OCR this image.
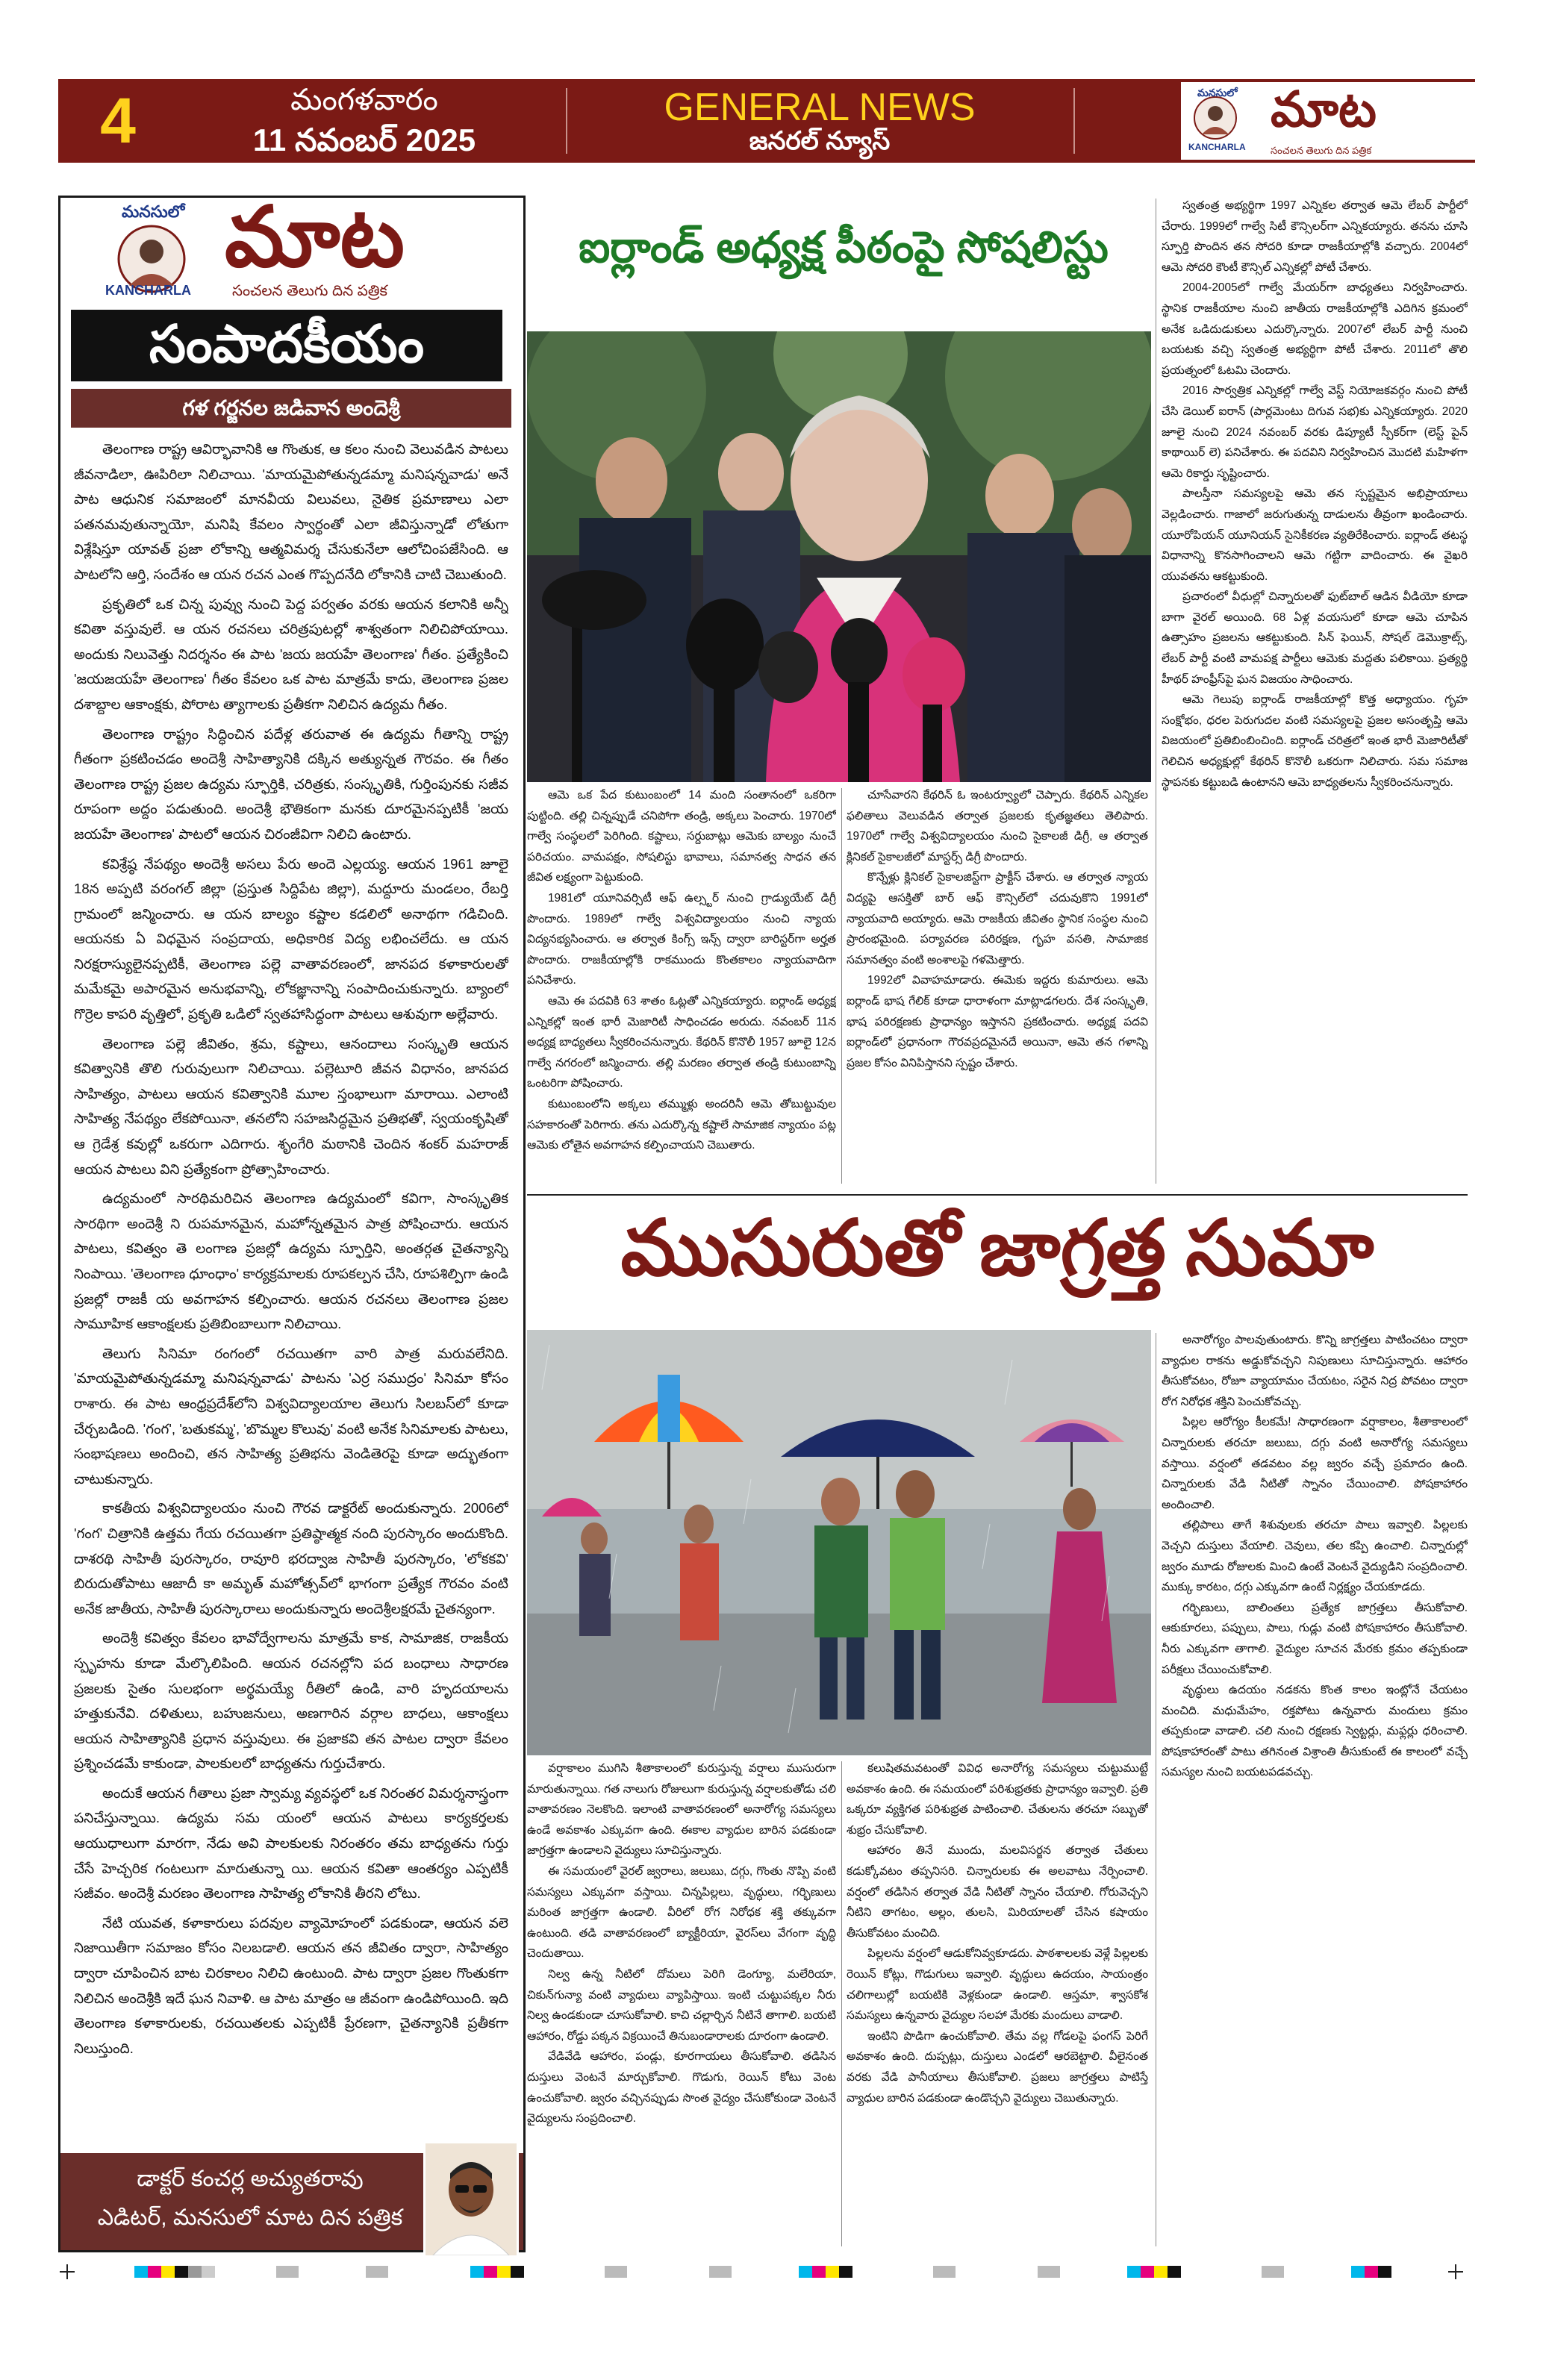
4	మంగళవారం
11 నవంబర్ 2025
GENERAL NEWS
జనరల్ న్యూస్
మనసులో మాట
KANCHARLA	సంచలన తెలుగు దిన పత్రిక
మనసులో మాట
KANCHARLA	సంచలన తెలుగు దిన పత్రిక
సంపాదకీయం
గళ గర్జనల జడివాన అందెశ్రీ

తెలంగాణ రాష్ట్ర ఆవిర్భావానికి ఆ గొంతుక, ఆ కలం నుంచి వెలువడిన పాటలు జీవనాడిలా, ఊపిరిలా నిలిచాయి. 'మాయమైపోతున్నడమ్మా మనిషన్నవాడు' అనే పాట ఆధునిక సమాజంలో మానవీయ విలువలు, నైతిక ప్రమాణాలు ఎలా పతనమవుతున్నాయో, మనిషి కేవలం స్వార్థంతో ఎలా జీవిస్తున్నాడో లోతుగా విశ్లేషిస్తూ యావత్ ప్రజా లోకాన్ని ఆత్మవిమర్శ చేసుకునేలా ఆలోచింపజేసింది. ఆ పాటలోని ఆర్తి, సందేశం ఆ యన రచన ఎంత గొప్పదనేది లోకానికి చాటి చెబుతుంది.

ప్రకృతిలో ఒక చిన్న పువ్వు నుంచి పెద్ద పర్వతం వరకు ఆయన కలానికి అన్నీ కవితా వస్తువులే. ఆ యన రచనలు చరిత్రపుటల్లో శాశ్వతంగా నిలిచిపోయాయి. అందుకు నిలువెత్తు నిదర్శనం ఈ పాట 'జయ జయహే తెలంగాణ' గీతం. ప్రత్యేకించి 'జయజయహే తెలంగాణ' గీతం కేవలం ఒక పాట మాత్రమే కాదు, తెలంగాణ ప్రజల దశాబ్దాల ఆకాంక్షకు, పోరాట త్యాగాలకు ప్రతీకగా నిలిచిన ఉద్యమ గీతం.

తెలంగాణ రాష్ట్రం సిద్ధించిన పదేళ్ల తరువాత ఈ ఉద్యమ గీతాన్ని రాష్ట్ర గీతంగా ప్రకటించడం అందెశ్రీ సాహిత్యానికి దక్కిన అత్యున్నత గౌరవం. ఈ గీతం తెలంగాణ రాష్ట్ర ప్రజల ఉద్యమ స్ఫూర్తికి, చరిత్రకు, సంస్కృతికి, గుర్తింపునకు సజీవ రూపంగా అద్దం పడుతుంది. అందెశ్రీ భౌతికంగా మనకు దూరమైనప్పటికీ 'జయ జయహే తెలంగాణ' పాటలో ఆయన చిరంజీవిగా నిలిచి ఉంటారు.

కవిశ్రేష్ఠ నేపథ్యం అందెశ్రీ అసలు పేరు అందె ఎల్లయ్య. ఆయన 1961 జూలై 18న అప్పటి వరంగల్ జిల్లా (ప్రస్తుత సిద్దిపేట జిల్లా), మద్దూరు మండలం, రేబర్తి గ్రామంలో జన్మించారు. ఆ యన బాల్యం కష్టాల కడలిలో అనాథగా గడిచింది. ఆయనకు ఏ విధమైన సంప్రదాయ, అధికారిక విద్య లభించలేదు. ఆ యన నిరక్షరాస్యులైనప్పటికీ, తెలంగాణ పల్లె వాతావరణంలో, జానపద కళాకారులతో మమేకమై అపారమైన అనుభవాన్ని, లోకజ్ఞానాన్ని సంపాదించుకున్నారు. బ్యాంలో గొర్రెల కాపరి వృత్తిలో, ప్రకృతి ఒడిలో స్వతహాసిద్ధంగా పాటలు ఆశువుగా అల్లేవారు.

తెలంగాణ పల్లె జీవితం, శ్రమ, కష్టాలు, ఆనందాలు సంస్కృతి ఆయన కవిత్వానికి తొలి గురువులుగా నిలిచాయి. పల్లెటూరి జీవన విధానం, జానపద సాహిత్యం, పాటలు ఆయన కవిత్వానికి మూల స్తంభాలుగా మారాయి. ఎలాంటి సాహిత్య నేపథ్యం లేకపోయినా, తనలోని సహజసిద్ధమైన ప్రతిభతో, స్వయంకృషితో ఆ గ్రెడేశ్ర కవుల్లో ఒకరుగా ఎదిగారు. శృంగేరి మఠానికి చెందిన శంకర్ మహరాజ్ ఆయన పాటలు విని ప్రత్యేకంగా ప్రోత్సాహించారు.

ఉద్యమంలో సారథిమరిచిన తెలంగాణ ఉద్యమంలో కవిగా, సాంస్కృతిక సారథిగా అందెశ్రీ ని రుపమానమైన, మహోన్నతమైన పాత్ర పోషించారు. ఆయన పాటలు, కవిత్వం తె లంగాణ ప్రజల్లో ఉద్యమ స్ఫూర్తిని, అంతర్గత చైతన్యాన్ని నింపాయి. 'తెలంగాణ ధూంధాం' కార్యక్రమాలకు రూపకల్పన చేసి, రూపశిల్పిగా ఉండి ప్రజల్లో రాజకీ య అవగాహన కల్పించారు. ఆయన రచనలు తెలంగాణ ప్రజల సామూహిక ఆకాంక్షలకు ప్రతిబింబాలుగా నిలిచాయి.

తెలుగు సినిమా రంగంలో రచయితగా వారి పాత్ర మరువలేనిది. 'మాయమైపోతున్నడమ్మా మనిషన్నవాడు' పాటను 'ఎర్ర సముద్రం' సినిమా కోసం రాశారు. ఈ పాట ఆంధ్రప్రదేశ్‌లోని విశ్వవిద్యాలయాల తెలుగు సిలబస్‌లో కూడా చేర్చబడింది. 'గంగ', 'బతుకమ్మ', 'బొమ్మల కొలువు' వంటి అనేక సినిమాలకు పాటలు, సంభాషణలు అందించి, తన సాహిత్య ప్రతిభను వెండితెరపై కూడా అద్భుతంగా చాటుకున్నారు.

కాకతీయ విశ్వవిద్యాలయం నుంచి గౌరవ డాక్టరేట్ అందుకున్నారు. 2006లో 'గంగ' చిత్రానికి ఉత్తమ గేయ రచయితగా ప్రతిష్ఠాత్మక నంది పురస్కారం అందుకొంది. దాశరథి సాహితీ పురస్కారం, రావూరి భరద్వాజ సాహితీ పురస్కారం, 'లోకకవి' బిరుదుతోపాటు ఆజాదీ కా అమృత్ మహోత్సవ్‌లో భాగంగా ప్రత్యేక గౌరవం వంటి అనేక జాతీయ, సాహితీ పురస్కారాలు అందుకున్నారు అందెశ్రీలక్షరమే చైతన్యంగా.

అందెశ్రీ కవిత్వం కేవలం భావోద్వేగాలను మాత్రమే కాక, సామాజిక, రాజకీయ స్పృహను కూడా మేల్కొలిపింది. ఆయన రచనల్లోని పద బంధాలు సాధారణ ప్రజలకు సైతం సులభంగా అర్థమయ్యే రీతిలో ఉండి, వారి హృదయాలను హత్తుకునేవి. దళితులు, బహుజనులు, అణగారిన వర్గాల బాధలు, ఆకాంక్షలు ఆయన సాహిత్యానికి ప్రధాన వస్తువులు. ఈ ప్రజాకవి తన పాటల ద్వారా కేవలం ప్రశ్నించడమే కాకుండా, పాలకులలో బాధ్యతను గుర్తుచేశారు.

అందుకే ఆయన గీతాలు ప్రజా స్వామ్య వ్యవస్థలో ఒక నిరంతర విమర్శనాస్త్రంగా పనిచేస్తున్నాయి. ఉద్యమ సమ యంలో ఆయన పాటలు కార్యకర్తలకు ఆయుధాలుగా మారగా, నేడు అవి పాలకులకు నిరంతరం తమ బాధ్యతను గుర్తు చేసే హెచ్చరిక గంటలుగా మారుతున్నా యి. ఆయన కవితా ఆంతర్యం ఎప్పటికీ సజీవం. అందెశ్రీ మరణం తెలంగాణ సాహిత్య లోకానికి తీరని లోటు.

నేటి యువత, కళాకారులు పదవుల వ్యామోహంలో పడకుండా, ఆయన వలె నిజాయితీగా సమాజం కోసం నిలబడాలి. ఆయన తన జీవితం ద్వారా, సాహిత్యం ద్వారా చూపించిన బాట చిరకాలం నిలిచి ఉంటుంది. పాట ద్వారా ప్రజల గొంతుకగా నిలిచిన అందెశ్రీకి ఇదే ఘన నివాళి. ఆ పాట మాత్రం ఆ జీవంగా ఉండిపోయింది. ఇది తెలంగాణ కళాకారులకు, రచయితలకు ఎప్పటికీ ప్రేరణగా, చైతన్యానికి ప్రతీకగా నిలుస్తుంది.

డాక్టర్ కంచర్ల అచ్యుతరావు
ఎడిటర్, మనసులో మాట దిన పత్రిక
ఐర్లాండ్ అధ్యక్ష పీఠంపై సోషలిస్టు

ఆమె ఒక పేద కుటుంబంలో 14 మంది సంతానంలో ఒకరిగా పుట్టింది. తల్లి చిన్నప్పుడే చనిపోగా తండ్రి, అక్కలు పెంచారు. 1970లో గాల్వే సంస్థలలో పెరిగింది. కష్టాలు, సర్దుబాట్లు ఆమెకు బాల్యం నుంచే పరిచయం. వామపక్షం, సోషలిస్టు భావాలు, సమానత్వ సాధన తన జీవిత లక్ష్యంగా పెట్టుకుంది.

1981లో యూనివర్సిటీ ఆఫ్ ఉల్స్టర్ నుంచి గ్రాడ్యుయేట్ డిగ్రీ పొందారు. 1989లో గాల్వే విశ్వవిద్యాలయం నుంచి న్యాయ విద్యనభ్యసించారు. ఆ తర్వాత కింగ్స్ ఇన్స్ ద్వారా బారిస్టర్‌గా అర్హత పొందారు. రాజకీయాల్లోకి రాకముందు కొంతకాలం న్యాయవాదిగా పనిచేశారు.

ఆమె ఈ పదవికి 63 శాతం ఓట్లతో ఎన్నికయ్యారు. ఐర్లాండ్ అధ్యక్ష ఎన్నికల్లో ఇంత భారీ మెజారిటీ సాధించడం అరుదు. నవంబర్ 11న అధ్యక్ష బాధ్యతలు స్వీకరించనున్నారు. కేథరిన్ కొనొలీ 1957 జూలై 12న గాల్వే నగరంలో జన్మించారు. తల్లి మరణం తర్వాత తండ్రి కుటుంబాన్ని ఒంటరిగా పోషించారు.

కుటుంబంలోని అక్కలు తమ్ముళ్లు అందరినీ ఆమె తోబుట్టువుల సహకారంతో పెరిగారు. తను ఎదుర్కొన్న కష్టాలే సామాజిక న్యాయం పట్ల ఆమెకు లోతైన అవగాహన కల్పించాయని చెబుతారు.

చూసేవారని కేథరిన్ ఓ ఇంటర్వ్యూలో చెప్పారు. కేథరిన్ ఎన్నికల ఫలితాలు వెలువడిన తర్వాత ప్రజలకు కృతజ్ఞతలు తెలిపారు. 1970లో గాల్వే విశ్వవిద్యాలయం నుంచి సైకాలజీ డిగ్రీ, ఆ తర్వాత క్లినికల్ సైకాలజీలో మాస్టర్స్ డిగ్రీ పొందారు.

కొన్నేళ్లు క్లినికల్ సైకాలజిస్ట్‌గా ప్రాక్టీస్ చేశారు. ఆ తర్వాత న్యాయ విద్యపై ఆసక్తితో బార్ ఆఫ్ కౌన్సిల్‌లో చదువుకొని 1991లో న్యాయవాది అయ్యారు. ఆమె రాజకీయ జీవితం స్థానిక సంస్థల నుంచి ప్రారంభమైంది. పర్యావరణ పరిరక్షణ, గృహ వసతి, సామాజిక సమానత్వం వంటి అంశాలపై గళమెత్తారు.

1992లో వివాహమాడారు. ఈమెకు ఇద్దరు కుమారులు. ఆమె ఐర్లాండ్ భాష గేలిక్ కూడా ధారాళంగా మాట్లాడగలరు. దేశ సంస్కృతి, భాష పరిరక్షణకు ప్రాధాన్యం ఇస్తానని ప్రకటించారు. అధ్యక్ష పదవి ఐర్లాండ్‌లో ప్రధానంగా గౌరవప్రదమైనదే అయినా, ఆమె తన గళాన్ని ప్రజల కోసం వినిపిస్తానని స్పష్టం చేశారు.

స్వతంత్ర అభ్యర్థిగా 1997 ఎన్నికల తర్వాత ఆమె లేబర్ పార్టీలో చేరారు. 1999లో గాల్వే సిటీ కౌన్సిలర్‌గా ఎన్నికయ్యారు. తనను చూసి స్ఫూర్తి పొందిన తన సోదరి కూడా రాజకీయాల్లోకి వచ్చారు. 2004లో ఆమె సోదరి కౌంటీ కౌన్సిల్ ఎన్నికల్లో పోటీ చేశారు.

2004-2005లో గాల్వే మేయర్‌గా బాధ్యతలు నిర్వహించారు. స్థానిక రాజకీయాల నుంచి జాతీయ రాజకీయాల్లోకి ఎదిగిన క్రమంలో అనేక ఒడిదుడుకులు ఎదుర్కొన్నారు. 2007లో లేబర్ పార్టీ నుంచి బయటకు వచ్చి స్వతంత్ర అభ్యర్థిగా పోటీ చేశారు. 2011లో తొలి ప్రయత్నంలో ఓటమి చెందారు.

2016 సార్వత్రిక ఎన్నికల్లో గాల్వే వెస్ట్ నియోజకవర్గం నుంచి పోటీ చేసి డెయిల్ ఐరాన్ (పార్లమెంటు దిగువ సభ)కు ఎన్నికయ్యారు. 2020 జూలై నుంచి 2024 నవంబర్ వరకు డిప్యూటీ స్పీకర్‌గా (లెస్ట్ పైన్ కాథాయిర్ లె) పనిచేశారు. ఈ పదవిని నిర్వహించిన మొదటి మహిళగా ఆమె రికార్డు సృష్టించారు.

పాలస్తీనా సమస్యలపై ఆమె తన స్పష్టమైన అభిప్రాయాలు వెల్లడించారు. గాజాలో జరుగుతున్న దాడులను తీవ్రంగా ఖండించారు. యూరోపియన్ యూనియన్ సైనికీకరణ వ్యతిరేకించారు. ఐర్లాండ్ తటస్థ విధానాన్ని కొనసాగించాలని ఆమె గట్టిగా వాదించారు. ఈ వైఖరి యువతను ఆకట్టుకుంది.

ప్రచారంలో వీధుల్లో చిన్నారులతో ఫుట్‌బాల్ ఆడిన వీడియో కూడా బాగా వైరల్ అయింది. 68 ఏళ్ల వయసులో కూడా ఆమె చూపిన ఉత్సాహం ప్రజలను ఆకట్టుకుంది. సిన్ ఫెయిన్, సోషల్ డెమొక్రాట్స్, లేబర్ పార్టీ వంటి వామపక్ష పార్టీలు ఆమెకు మద్దతు పలికాయి. ప్రత్యర్థి హీథర్ హంఫ్రీస్‌పై ఘన విజయం సాధించారు.

ఆమె గెలుపు ఐర్లాండ్ రాజకీయాల్లో కొత్త అధ్యాయం. గృహ సంక్షోభం, ధరల పెరుగుదల వంటి సమస్యలపై ప్రజల అసంతృప్తి ఆమె విజయంలో ప్రతిబింబించింది. ఐర్లాండ్ చరిత్రలో ఇంత భారీ మెజారిటీతో గెలిచిన అధ్యక్షుల్లో కేథరిన్ కొనొలీ ఒకరుగా నిలిచారు. సమ సమాజ స్థాపనకు కట్టుబడి ఉంటానని ఆమె బాధ్యతలను స్వీకరించనున్నారు.

ముసురుతో జాగ్రత్త సుమా

వర్షాకాలం ముగిసి శీతాకాలంలో కురుస్తున్న వర్షాలు ముసురుగా మారుతున్నాయి. గత నాలుగు రోజులుగా కురుస్తున్న వర్షాలకుతోడు చలి వాతావరణం నెలకొంది. ఇలాంటి వాతావరణంలో అనారోగ్య సమస్యలు ఉండే అవకాశం ఎక్కువగా ఉంది. ఈకాల వ్యాధుల బారిన పడకుండా జాగ్రత్తగా ఉండాలని వైద్యులు సూచిస్తున్నారు.

ఈ సమయంలో వైరల్ జ్వరాలు, జలుబు, దగ్గు, గొంతు నొప్పి వంటి సమస్యలు ఎక్కువగా వస్తాయి. చిన్నపిల్లలు, వృద్ధులు, గర్భిణులు మరింత జాగ్రత్తగా ఉండాలి. వీరిలో రోగ నిరోధక శక్తి తక్కువగా ఉంటుంది. తడి వాతావరణంలో బ్యాక్టీరియా, వైరస్‌లు వేగంగా వృద్ధి చెందుతాయి.

నిల్వ ఉన్న నీటిలో దోమలు పెరిగి డెంగ్యూ, మలేరియా, చికున్‌గున్యా వంటి వ్యాధులు వ్యాపిస్తాయి. ఇంటి చుట్టుపక్కల నీరు నిల్వ ఉండకుండా చూసుకోవాలి. కాచి చల్లార్చిన నీటినే తాగాలి. బయటి ఆహారం, రోడ్డు పక్కన విక్రయించే తినుబండారాలకు దూరంగా ఉండాలి.

వేడివేడి ఆహారం, పండ్లు, కూరగాయలు తీసుకోవాలి. తడిసిన దుస్తులు వెంటనే మార్చుకోవాలి. గొడుగు, రెయిన్ కోటు వెంట ఉంచుకోవాలి. జ్వరం వచ్చినప్పుడు సొంత వైద్యం చేసుకోకుండా వెంటనే వైద్యులను సంప్రదించాలి.

కలుషితమవటంతో వివిధ అనారోగ్య సమస్యలు చుట్టుముట్టే అవకాశం ఉంది. ఈ సమయంలో పరిశుభ్రతకు ప్రాధాన్యం ఇవ్వాలి. ప్రతి ఒక్కరూ వ్యక్తిగత పరిశుభ్రత పాటించాలి. చేతులను తరచూ సబ్బుతో శుభ్రం చేసుకోవాలి.

ఆహారం తినే ముందు, మలవిసర్జన తర్వాత చేతులు కడుక్కోవటం తప్పనిసరి. చిన్నారులకు ఈ అలవాటు నేర్పించాలి. వర్షంలో తడిసిన తర్వాత వేడి నీటితో స్నానం చేయాలి. గోరువెచ్చని నీటిని తాగటం, అల్లం, తులసి, మిరియాలతో చేసిన కషాయం తీసుకోవటం మంచిది.

పిల్లలను వర్షంలో ఆడుకోనివ్వకూడదు. పాఠశాలలకు వెళ్లే పిల్లలకు రెయిన్ కోట్లు, గొడుగులు ఇవ్వాలి. వృద్ధులు ఉదయం, సాయంత్రం చలిగాలుల్లో బయటికి వెళ్లకుండా ఉండాలి. ఆస్తమా, శ్వాసకోశ సమస్యలు ఉన్నవారు వైద్యుల సలహా మేరకు మందులు వాడాలి.

ఇంటిని పొడిగా ఉంచుకోవాలి. తేమ వల్ల గోడలపై ఫంగస్ పెరిగే అవకాశం ఉంది. దుప్పట్లు, దుస్తులు ఎండలో ఆరబెట్టాలి. వీలైనంత వరకు వేడి పానీయాలు తీసుకోవాలి. ప్రజలు జాగ్రత్తలు పాటిస్తే వ్యాధుల బారిన పడకుండా ఉండొచ్చని వైద్యులు చెబుతున్నారు.

అనారోగ్యం పాలవుతుంటారు. కొన్ని జాగ్రత్తలు పాటించటం ద్వారా వ్యాధుల రాకను అడ్డుకోవచ్చని నిపుణులు సూచిస్తున్నారు. ఆహారం తీసుకోవటం, రోజూ వ్యాయామం చేయటం, సరైన నిద్ర పోవటం ద్వారా రోగ నిరోధక శక్తిని పెంచుకోవచ్చు.

పిల్లల ఆరోగ్యం కీలకమే! సాధారణంగా వర్షాకాలం, శీతాకాలంలో చిన్నారులకు తరచూ జలుబు, దగ్గు వంటి అనారోగ్య సమస్యలు వస్తాయి. వర్షంలో తడవటం వల్ల జ్వరం వచ్చే ప్రమాదం ఉంది. చిన్నారులకు వేడి నీటితో స్నానం చేయించాలి. పోషకాహారం అందించాలి.

తల్లిపాలు తాగే శిశువులకు తరచూ పాలు ఇవ్వాలి. పిల్లలకు వెచ్చని దుస్తులు వేయాలి. చెవులు, తల కప్పి ఉంచాలి. చిన్నారుల్లో జ్వరం మూడు రోజులకు మించి ఉంటే వెంటనే వైద్యుడిని సంప్రదించాలి. ముక్కు కారటం, దగ్గు ఎక్కువగా ఉంటే నిర్లక్ష్యం చేయకూడదు.

గర్భిణులు, బాలింతలు ప్రత్యేక జాగ్రత్తలు తీసుకోవాలి. ఆకుకూరలు, పప్పులు, పాలు, గుడ్లు వంటి పోషకాహారం తీసుకోవాలి. నీరు ఎక్కువగా తాగాలి. వైద్యుల సూచన మేరకు క్రమం తప్పకుండా పరీక్షలు చేయించుకోవాలి.

వృద్ధులు ఉదయం నడకను కొంత కాలం ఇంట్లోనే చేయటం మంచిది. మధుమేహం, రక్తపోటు ఉన్నవారు మందులు క్రమం తప్పకుండా వాడాలి. చలి నుంచి రక్షణకు స్వెట్టర్లు, మఫ్లర్లు ధరించాలి. పోషకాహారంతో పాటు తగినంత విశ్రాంతి తీసుకుంటే ఈ కాలంలో వచ్చే సమస్యల నుంచి బయటపడవచ్చు.
